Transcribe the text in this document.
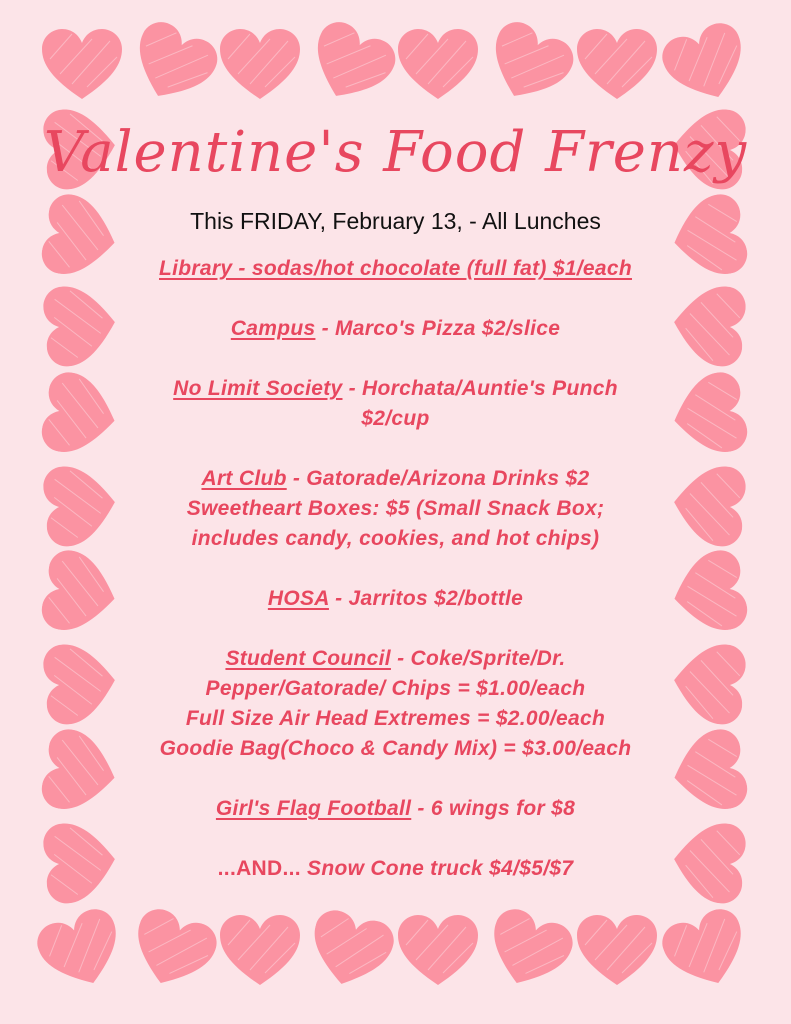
Valentine's Food Frenzy
This FRIDAY, February 13, - All Lunches
Library - sodas/hot chocolate (full fat) $1/each
Campus - Marco's Pizza $2/slice
No Limit Society - Horchata/Auntie's Punch
$2/cup
Art Club - Gatorade/Arizona Drinks $2
Sweetheart Boxes: $5 (Small Snack Box;
includes candy, cookies, and hot chips)
HOSA - Jarritos $2/bottle
Student Council - Coke/Sprite/Dr.
Pepper/Gatorade/ Chips = $1.00/each
Full Size Air Head Extremes = $2.00/each
Goodie Bag(Choco & Candy Mix) = $3.00/each
Girl's Flag Football - 6 wings for $8
...AND... Snow Cone truck $4/$5/$7
